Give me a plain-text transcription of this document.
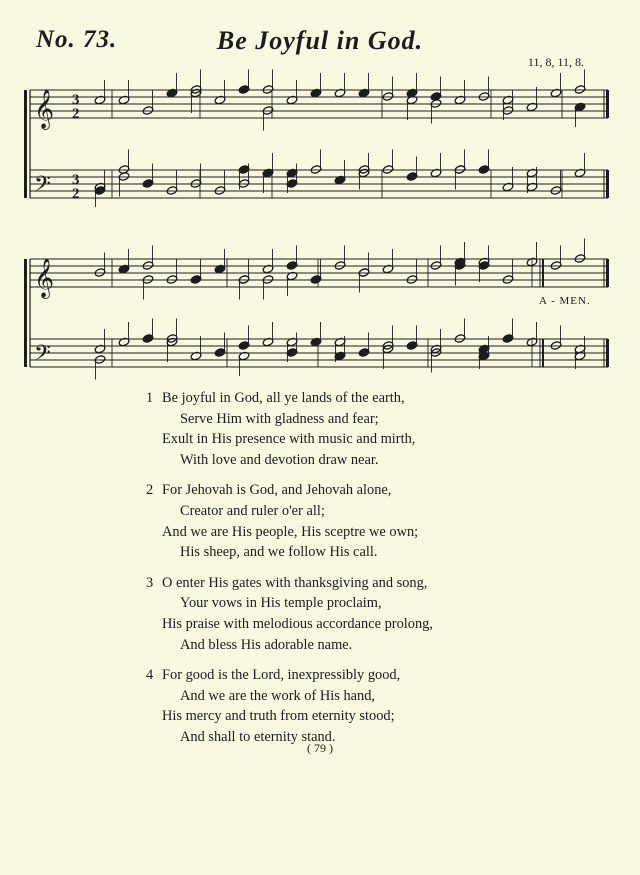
No. 73.	Be Joyful in God.
11, 8, 11, 8.
𝄞
𝄢
𝄞
𝄢
3
2
3
2
A - MEN.
1 Be joyful in God, all ye lands of the earth,
Serve Him with gladness and fear;
Exult in His presence with music and mirth,
With love and devotion draw near.
2 For Jehovah is God, and Jehovah alone,
Creator and ruler o'er all;
And we are His people, His sceptre we own;
His sheep, and we follow His call.
3 O enter His gates with thanksgiving and song,
Your vows in His temple proclaim,
His praise with melodious accordance prolong,
And bless His adorable name.
4 For good is the Lord, inexpressibly good,
And we are the work of His hand,
His mercy and truth from eternity stood;
And shall to eternity stand.
( 79 )
